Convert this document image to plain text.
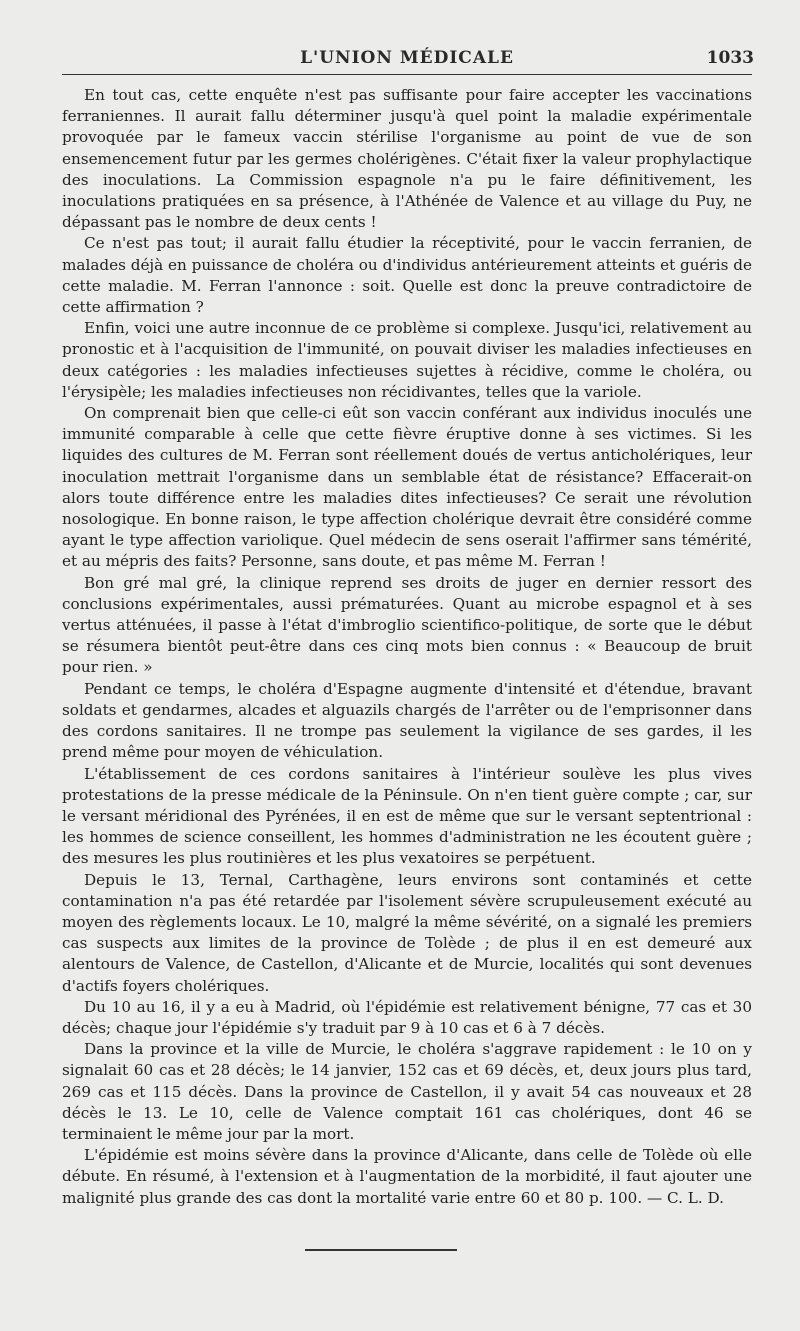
L'UNION MÉDICALE	1033

En tout cas, cette enquête n'est pas suffisante pour faire accepter les vaccinations ferraniennes. Il aurait fallu déterminer jusqu'à quel point la maladie expérimentale provoquée par le fameux vaccin stérilise l'organisme au point de vue de son ensemencement futur par les germes cholérigènes. C'était fixer la valeur prophylactique des inoculations. La Commission espagnole n'a pu le faire définitivement, les inoculations pratiquées en sa présence, à l'Athénée de Valence et au village du Puy, ne dépassant pas le nombre de deux cents !

Ce n'est pas tout; il aurait fallu étudier la réceptivité, pour le vaccin ferranien, de malades déjà en puissance de choléra ou d'individus antérieurement atteints et guéris de cette maladie. M. Ferran l'annonce : soit. Quelle est donc la preuve contradictoire de cette affirmation ?

Enfin, voici une autre inconnue de ce problème si complexe. Jusqu'ici, relativement au pronostic et à l'acquisition de l'immunité, on pouvait diviser les maladies infectieuses en deux catégories : les maladies infectieuses sujettes à récidive, comme le choléra, ou l'érysipèle; les maladies infectieuses non récidivantes, telles que la variole.

On comprenait bien que celle-ci eût son vaccin conférant aux individus inoculés une immunité comparable à celle que cette fièvre éruptive donne à ses victimes. Si les liquides des cultures de M. Ferran sont réellement doués de vertus anticholériques, leur inoculation mettrait l'organisme dans un semblable état de résistance? Effacerait-on alors toute différence entre les maladies dites infectieuses? Ce serait une révolution nosologique. En bonne raison, le type affection cholérique devrait être considéré comme ayant le type affection variolique. Quel médecin de sens oserait l'affirmer sans témérité, et au mépris des faits? Personne, sans doute, et pas même M. Ferran !

Bon gré mal gré, la clinique reprend ses droits de juger en dernier ressort des conclusions expérimentales, aussi prématurées. Quant au microbe espagnol et à ses vertus atténuées, il passe à l'état d'imbroglio scientifico-politique, de sorte que le début se résumera bientôt peut-être dans ces cinq mots bien connus : « Beaucoup de bruit pour rien. »

Pendant ce temps, le choléra d'Espagne augmente d'intensité et d'étendue, bravant soldats et gendarmes, alcades et alguazils chargés de l'arrêter ou de l'emprisonner dans des cordons sanitaires. Il ne trompe pas seulement la vigilance de ses gardes, il les prend même pour moyen de véhiculation.

L'établissement de ces cordons sanitaires à l'intérieur soulève les plus vives protestations de la presse médicale de la Péninsule. On n'en tient guère compte ; car, sur le versant méridional des Pyrénées, il en est de même que sur le versant septentrional : les hommes de science conseillent, les hommes d'administration ne les écoutent guère ; des mesures les plus routinières et les plus vexatoires se perpétuent.

Depuis le 13, Ternal, Carthagène, leurs environs sont contaminés et cette contamination n'a pas été retardée par l'isolement sévère scrupuleusement exécuté au moyen des règlements locaux. Le 10, malgré la même sévérité, on a signalé les premiers cas suspects aux limites de la province de Tolède ; de plus il en est demeuré aux alentours de Valence, de Castellon, d'Alicante et de Murcie, localités qui sont devenues d'actifs foyers cholériques.

Du 10 au 16, il y a eu à Madrid, où l'épidémie est relativement bénigne, 77 cas et 30 décès; chaque jour l'épidémie s'y traduit par 9 à 10 cas et 6 à 7 décès.

Dans la province et la ville de Murcie, le choléra s'aggrave rapidement : le 10 on y signalait 60 cas et 28 décès; le 14 janvier, 152 cas et 69 décès, et, deux jours plus tard, 269 cas et 115 décès. Dans la province de Castellon, il y avait 54 cas nouveaux et 28 décès le 13. Le 10, celle de Valence comptait 161 cas cholériques, dont 46 se terminaient le même jour par la mort.

L'épidémie est moins sévère dans la province d'Alicante, dans celle de Tolède où elle débute. En résumé, à l'extension et à l'augmentation de la morbidité, il faut ajouter une malignité plus grande des cas dont la mortalité varie entre 60 et 80 p. 100. — C. L. D.
